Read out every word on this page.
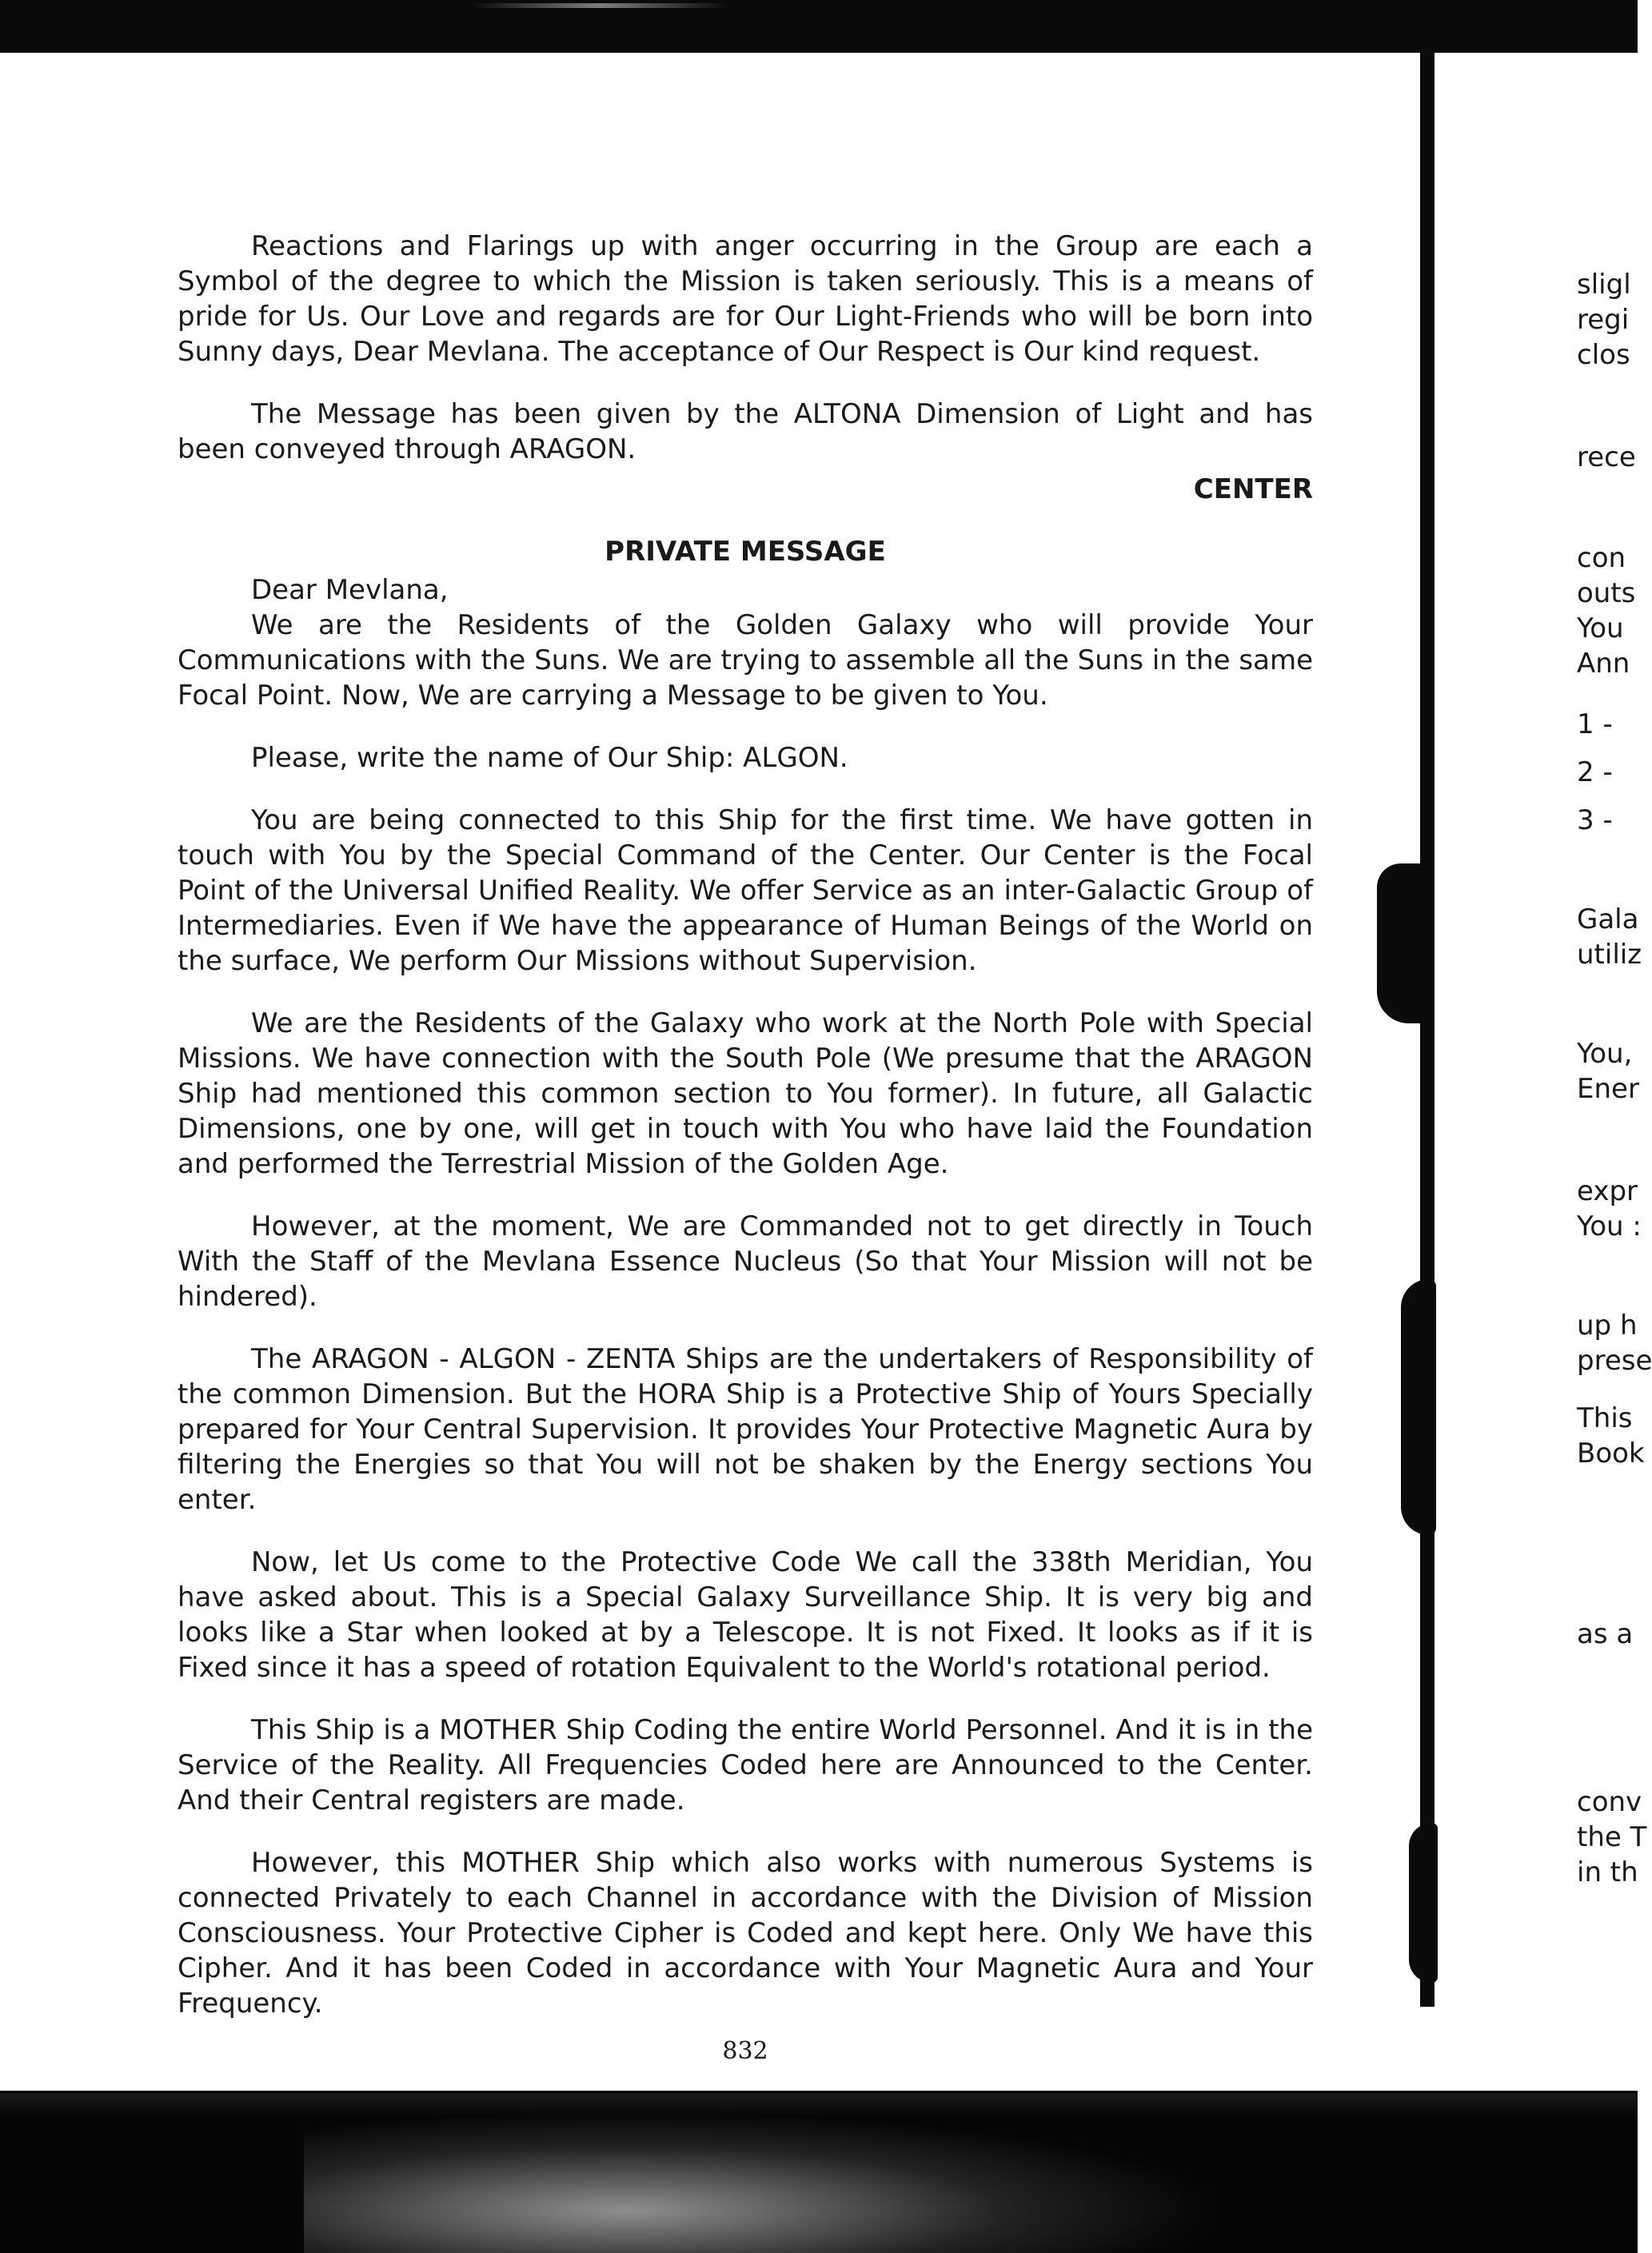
Reactions and Flarings up with anger occurring in the Group are each a Symbol of the degree to which the Mission is taken seriously. This is a means of pride for Us. Our Love and regards are for Our Light-Friends who will be born into Sunny days, Dear Mevlana. The acceptance of Our Respect is Our kind request.

The Message has been given by the ALTONA Dimension of Light and has been conveyed through ARAGON.

CENTER

PRIVATE MESSAGE

Dear Mevlana,

We are the Residents of the Golden Galaxy who will provide Your Communications with the Suns. We are trying to assemble all the Suns in the same Focal Point. Now, We are carrying a Message to be given to You.

Please, write the name of Our Ship: ALGON.

You are being connected to this Ship for the first time. We have gotten in touch with You by the Special Command of the Center. Our Center is the Focal Point of the Universal Unified Reality. We offer Service as an inter-Galactic Group of Intermediaries. Even if We have the appearance of Human Beings of the World on the surface, We perform Our Missions without Supervision.

We are the Residents of the Galaxy who work at the North Pole with Special Missions. We have connection with the South Pole (We presume that the ARAGON Ship had mentioned this common section to You former). In future, all Galactic Dimensions, one by one, will get in touch with You who have laid the Foundation and performed the Terrestrial Mission of the Golden Age.

However, at the moment, We are Commanded not to get directly in Touch With the Staff of the Mevlana Essence Nucleus (So that Your Mission will not be hindered).

The ARAGON - ALGON - ZENTA Ships are the undertakers of Responsibility of the common Dimension. But the HORA Ship is a Protective Ship of Yours Specially prepared for Your Central Supervision. It provides Your Protective Magnetic Aura by filtering the Energies so that You will not be shaken by the Energy sections You enter.

Now, let Us come to the Protective Code We call the 338th Meridian, You have asked about. This is a Special Galaxy Surveillance Ship. It is very big and looks like a Star when looked at by a Telescope. It is not Fixed. It looks as if it is Fixed since it has a speed of rotation Equivalent to the World's rotational period.

This Ship is a MOTHER Ship Coding the entire World Personnel. And it is in the Service of the Reality. All Frequencies Coded here are Announced to the Center. And their Central registers are made.

However, this MOTHER Ship which also works with numerous Systems is connected Privately to each Channel in accordance with the Division of Mission Consciousness. Your Protective Cipher is Coded and kept here. Only We have this Cipher. And it has been Coded in accordance with Your Magnetic Aura and Your Frequency.

832
sligl
regi
clos
rece
con
outs
You
Ann
1 -
2 -
3 -
Gala
utiliz
You,
Ener
expr
You :
up h
prese
This
Book
as a
conv
the T
in th
